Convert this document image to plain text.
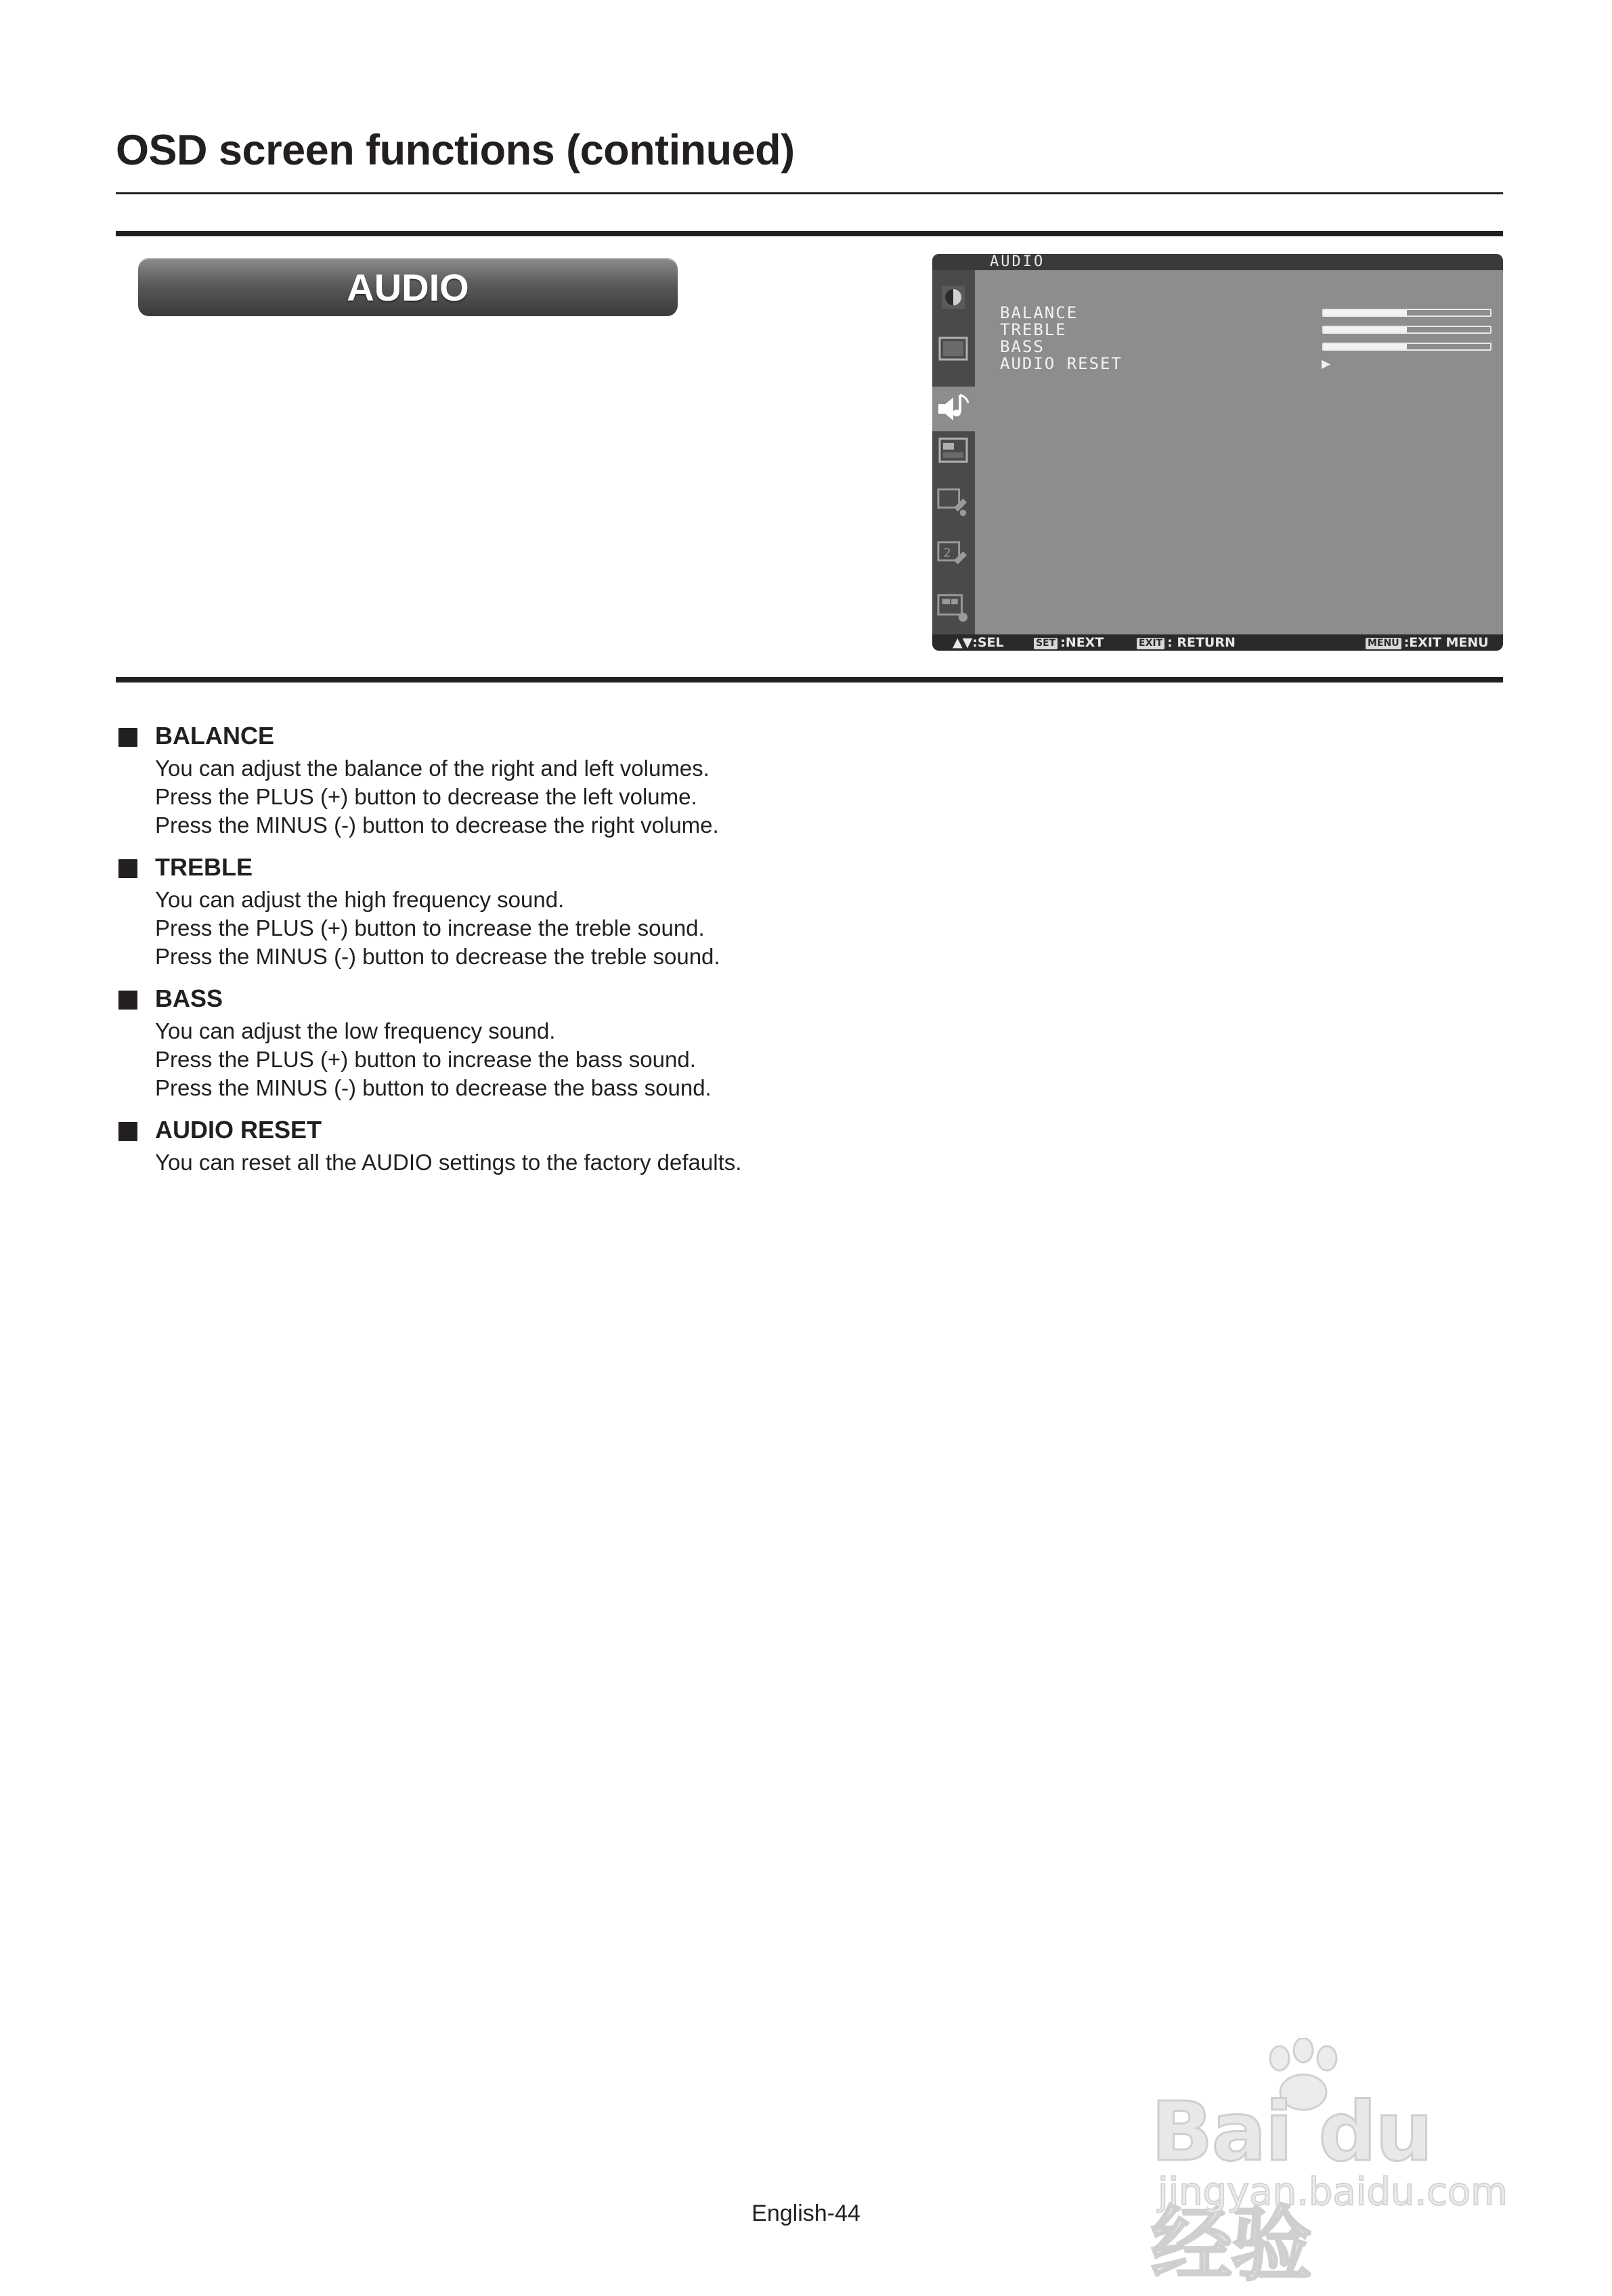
OSD screen functions (continued)
AUDIO
AUDIO
2
BALANCE
TREBLE
BASS
AUDIO RESET	▶
▲▼:SEL	SET :NEXT	EXIT : RETURN	MENU :EXIT MENU
BALANCE

You can adjust the balance of the right and left volumes.

Press the PLUS (+) button to decrease the left volume.

Press the MINUS (-) button to decrease the right volume.

TREBLE

You can adjust the high frequency sound.

Press the PLUS (+) button to increase the treble sound.

Press the MINUS (-) button to decrease the treble sound.

BASS

You can adjust the low frequency sound.

Press the PLUS (+) button to increase the bass sound.

Press the MINUS (-) button to decrease the bass sound.

AUDIO RESET

You can reset all the AUDIO settings to the factory defaults.

Bai du 经验
jingyan.baidu.com
English-44
